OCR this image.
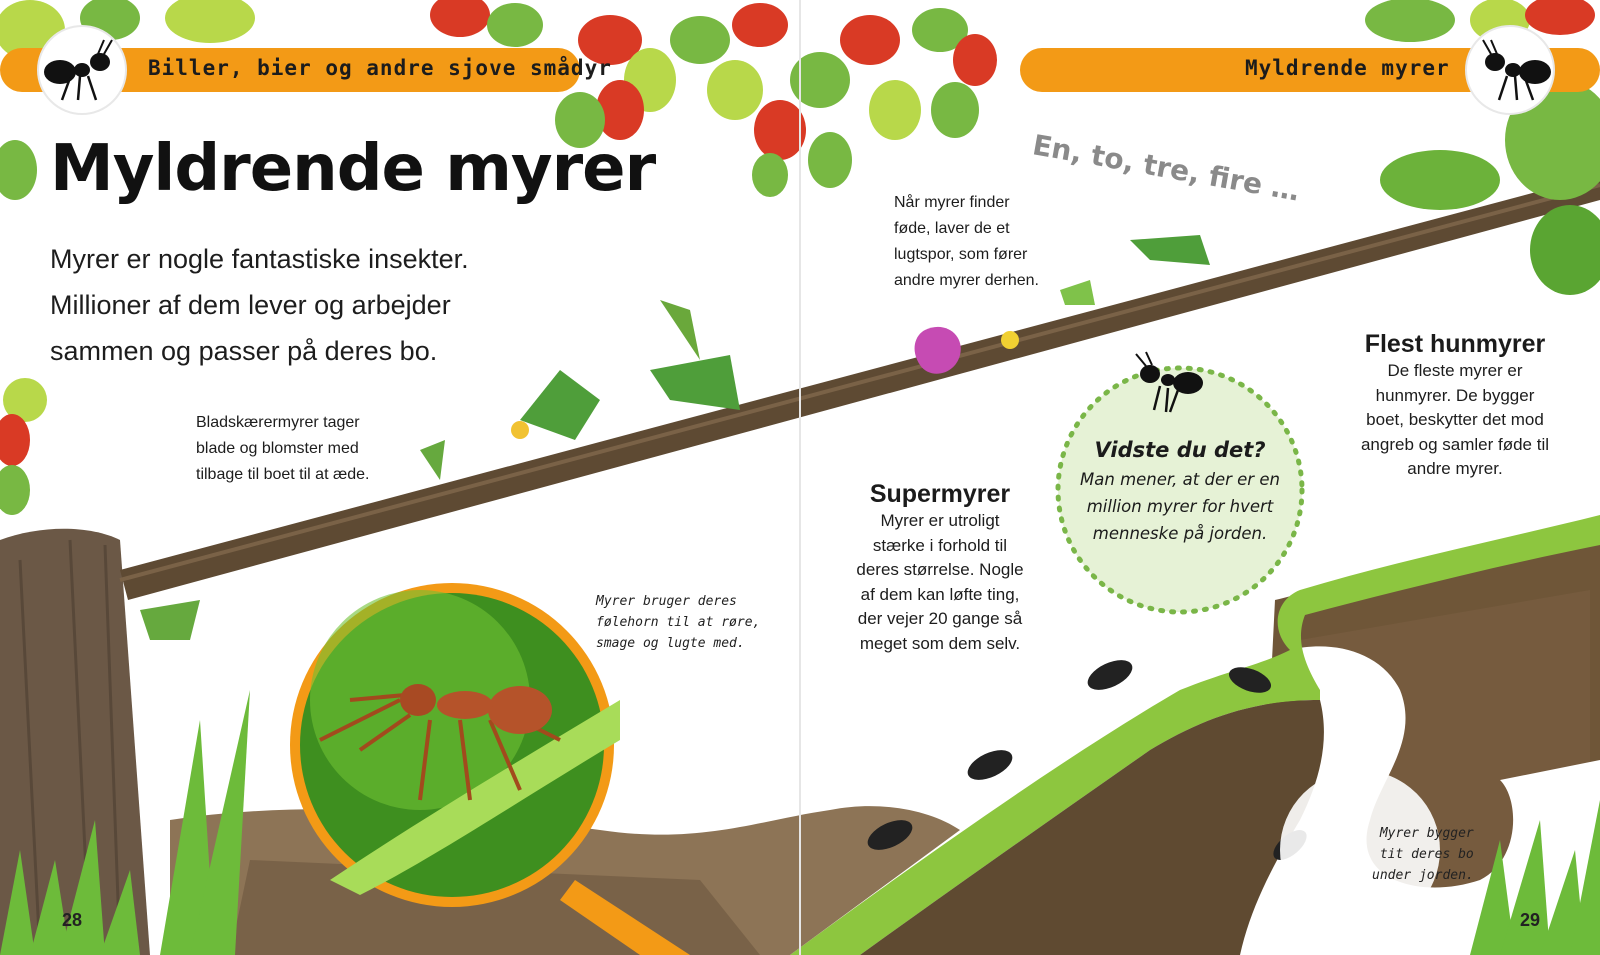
Biller, bier og andre sjove smådyr
Myldrende myrer

Myrer er nogle fantastiske insekter.

Millioner af dem lever og arbejder

sammen og passer på deres bo.

Bladskærermyrer tager

blade og blomster med

tilbage til boet til at æde.

Myrer bruger deres

følehorn til at røre,

smage og lugte med.

28
Myldrende myrer
En, to, tre, fire …

Når myrer finder

føde, laver de et

lugtspor, som fører

andre myrer derhen.

Supermyrer

Myrer er utroligt

stærke i forhold til

deres størrelse. Nogle

af dem kan løfte ting,

der vejer 20 gange så

meget som dem selv.

Vidste du det?

Man mener, at der er en

million myrer for hvert

menneske på jorden.

Flest hunmyrer

De fleste myrer er

hunmyrer. De bygger

boet, beskytter det mod

angreb og samler føde til

andre myrer.

Myrer bygger

tit deres bo

under jorden.

29
